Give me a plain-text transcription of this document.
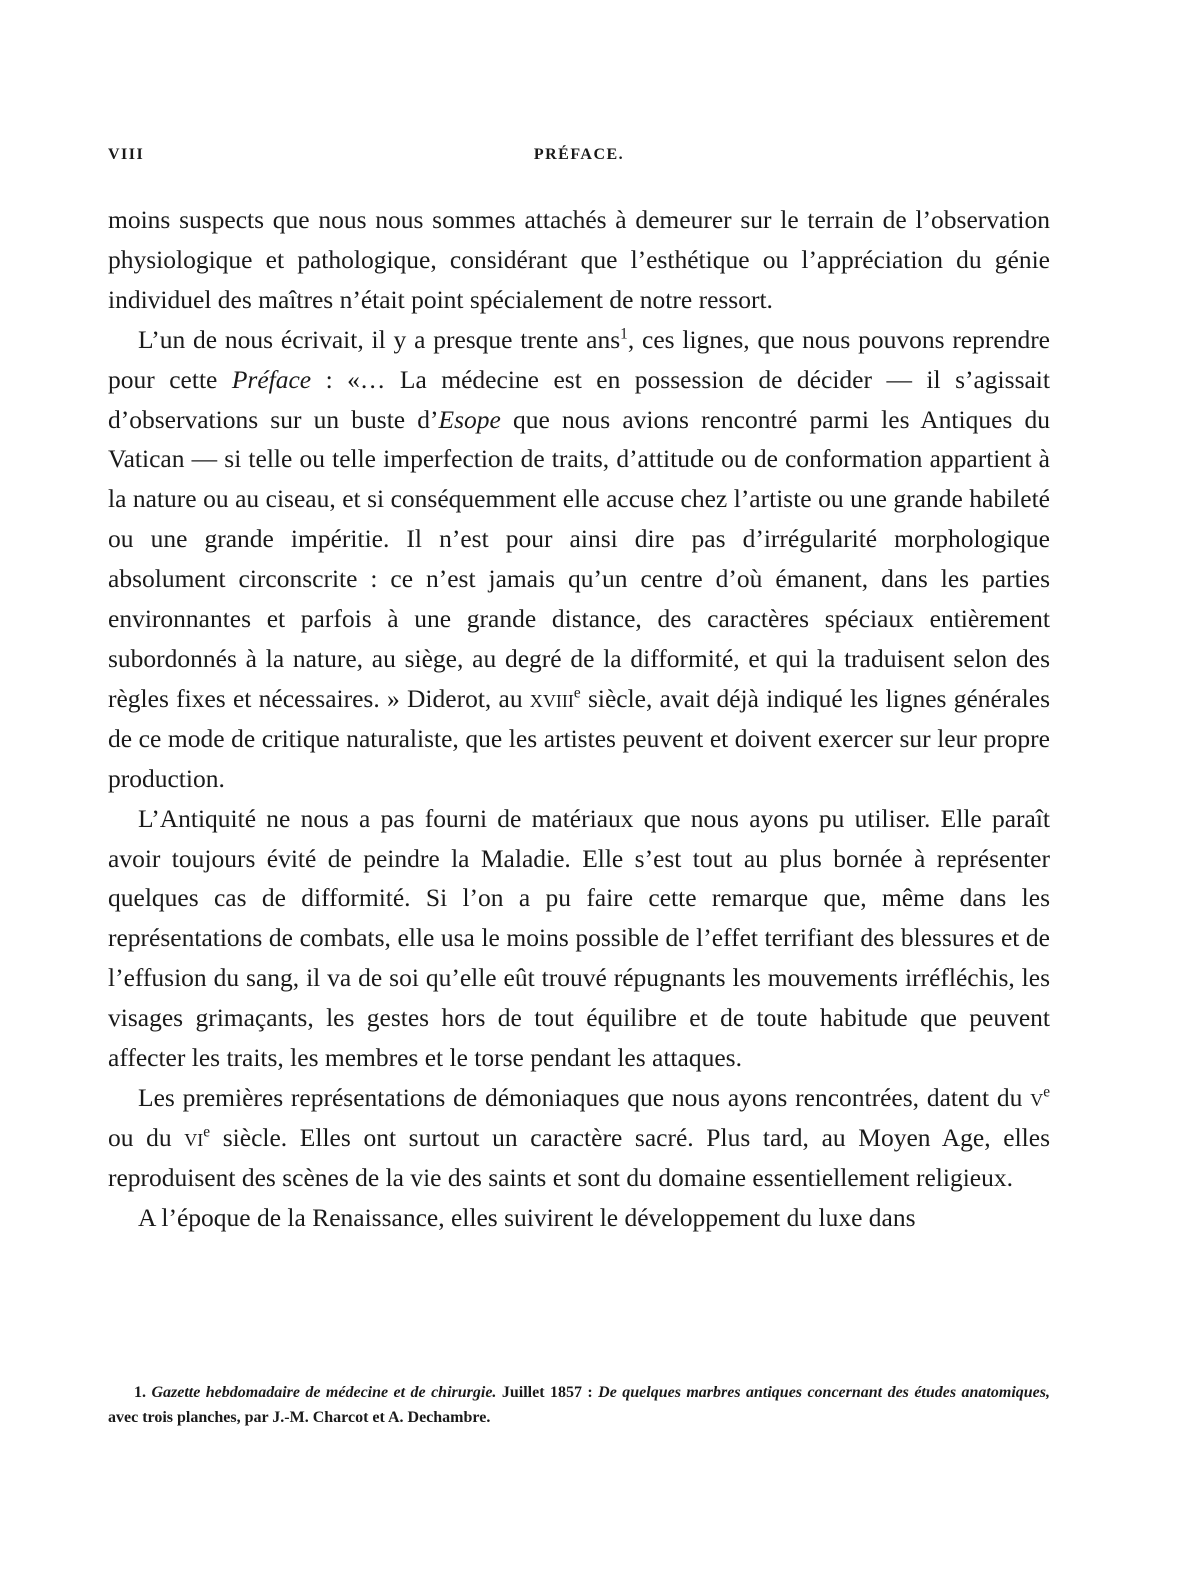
VIII	PRÉFACE.

moins suspects que nous nous sommes attachés à demeurer sur le terrain de l’observation physiologique et pathologique, considérant que l’esthétique ou l’appréciation du génie individuel des maîtres n’était point spécialement de notre ressort.

L’un de nous écrivait, il y a presque trente ans$^1$, ces lignes, que nous pouvons reprendre pour cette Préface : «… La médecine est en possession de décider — il s’agissait d’observations sur un buste d’Esope que nous avions rencontré parmi les Antiques du Vatican — si telle ou telle imperfection de traits, d’attitude ou de conformation appartient à la nature ou au ciseau, et si conséquemment elle accuse chez l’artiste ou une grande habileté ou une grande impéritie. Il n’est pour ainsi dire pas d’irrégularité morphologique absolument circonscrite : ce n’est jamais qu’un centre d’où émanent, dans les parties environnantes et parfois à une grande distance, des caractères spéciaux entièrement subordonnés à la nature, au siège, au degré de la difformité, et qui la traduisent selon des règles fixes et nécessaires. » Diderot, au xviii$^e$ siècle, avait déjà indiqué les lignes générales de ce mode de critique naturaliste, que les artistes peuvent et doivent exercer sur leur propre production.

L’Antiquité ne nous a pas fourni de matériaux que nous ayons pu utiliser. Elle paraît avoir toujours évité de peindre la Maladie. Elle s’est tout au plus bornée à représenter quelques cas de difformité. Si l’on a pu faire cette remarque que, même dans les représentations de combats, elle usa le moins possible de l’effet terrifiant des blessures et de l’effusion du sang, il va de soi qu’elle eût trouvé répugnants les mouvements irréfléchis, les visages grimaçants, les gestes hors de tout équilibre et de toute habitude que peuvent affecter les traits, les membres et le torse pendant les attaques.

Les premières représentations de démoniaques que nous ayons rencontrées, datent du $v^e$ ou du $vi^e$ siècle. Elles ont surtout un caractère sacré. Plus tard, au Moyen Age, elles reproduisent des scènes de la vie des saints et sont du domaine essentiellement religieux.

A l’époque de la Renaissance, elles suivirent le développement du luxe dans

1. Gazette hebdomadaire de médecine et de chirurgie. Juillet 1857 : De quelques marbres antiques concernant des études anatomiques, avec trois planches, par J.-M. Charcot et A. Dechambre.
